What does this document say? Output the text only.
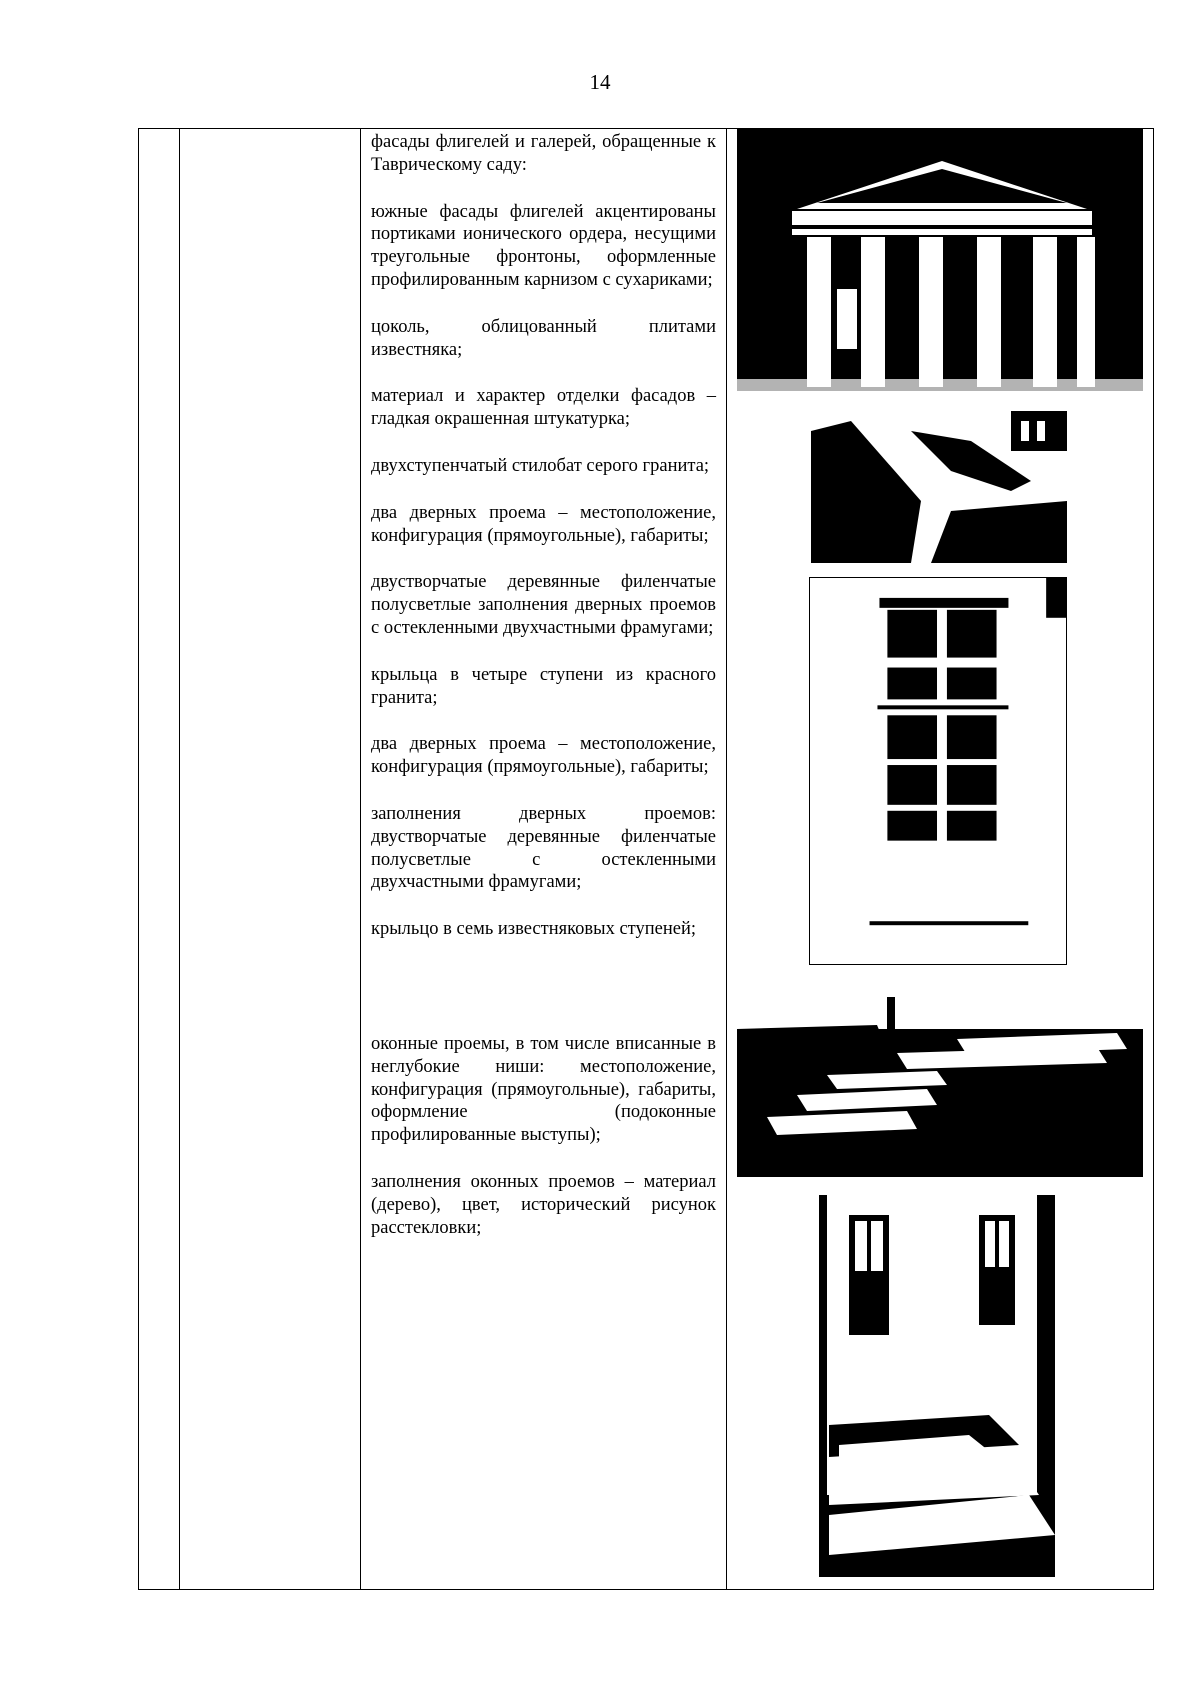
14

фасады флигелей и галерей, обращенные к Таврическому саду:

южные фасады флигелей акцентированы портиками ионического ордера, несущими треугольные фронтоны, оформленные профилированным карнизом с сухариками;

цоколь, облицованный плитами известняка;

материал и характер отделки фасадов – гладкая окрашенная штукатурка;

двухступенчатый стилобат серого гранита;

два дверных проема – местоположение, конфигурация (прямоугольные), габариты;

двустворчатые деревянные филенчатые полусветлые заполнения дверных проемов с остекленными двухчастными фрамугами;

крыльца в четыре ступени из красного гранита;

два дверных проема – местоположение, конфигурация (прямоугольные), габариты;

заполнения дверных проемов: двустворчатые деревянные филенчатые полусветлые с остекленными двухчастными фрамугами;

крыльцо в семь известняковых ступеней;

оконные проемы, в том числе вписанные в неглубокие ниши: местоположение, конфигурация (прямоугольные), габариты, оформление (подоконные профилированные выступы);

заполнения оконных проемов – материал (дерево), цвет, исторический рисунок расстекловки;
